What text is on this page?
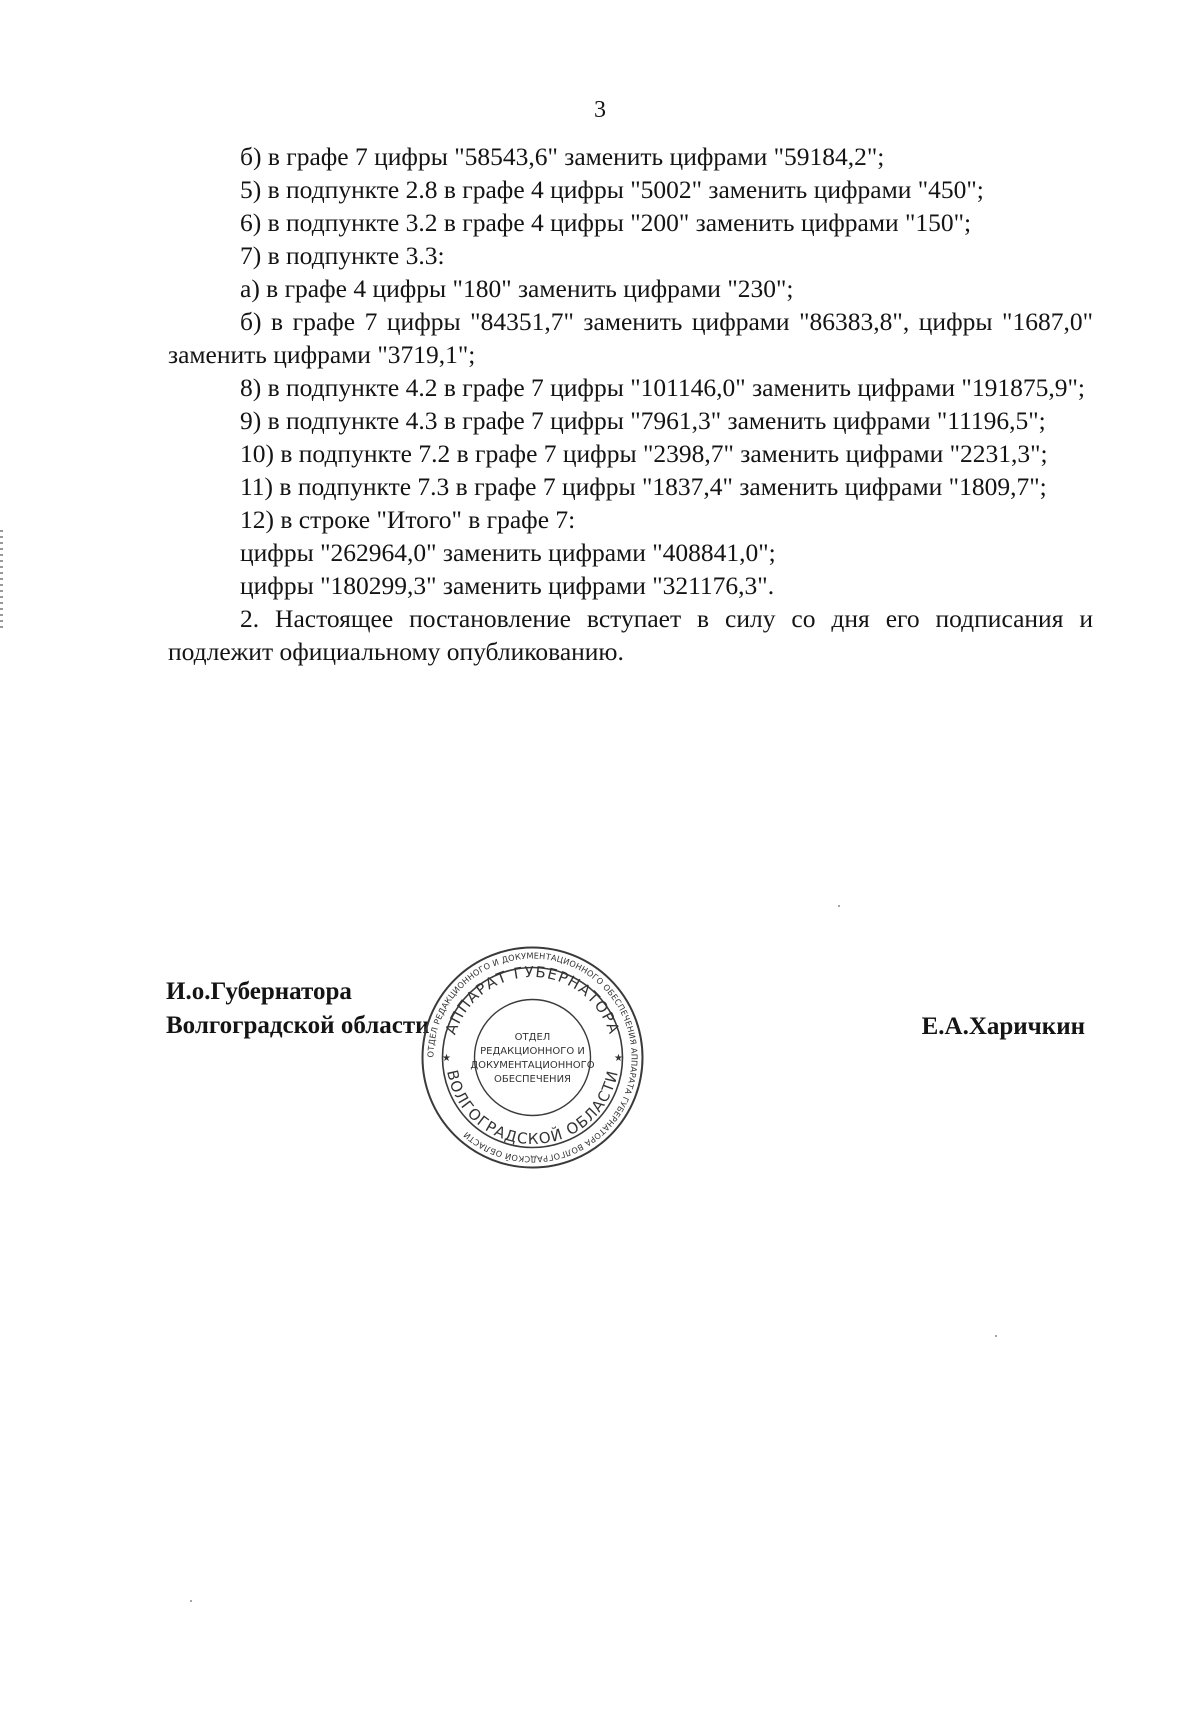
3

б) в графе 7 цифры "58543,6" заменить цифрами "59184,2";

5) в подпункте 2.8 в графе 4 цифры "5002" заменить цифрами "450";

6) в подпункте 3.2 в графе 4 цифры "200" заменить цифрами "150";

7) в подпункте 3.3:

а) в графе 4 цифры "180" заменить цифрами "230";

б) в графе 7 цифры "84351,7" заменить цифрами "86383,8", цифры "1687,0" заменить цифрами "3719,1";

8) в подпункте 4.2 в графе 7 цифры "101146,0" заменить цифрами "191875,9";

9) в подпункте 4.3 в графе 7 цифры "7961,3" заменить цифрами "11196,5";

10) в подпункте 7.2 в графе 7 цифры "2398,7" заменить цифрами "2231,3";

11) в подпункте 7.3 в графе 7 цифры "1837,4" заменить цифрами "1809,7";

12) в строке "Итого" в графе 7:

цифры "262964,0" заменить цифрами "408841,0";

цифры "180299,3" заменить цифрами "321176,3".

2. Настоящее постановление вступает в силу со дня его подписания и подлежит официальному опубликованию.

И.о.Губернатора
Волгоградской области	Е.А.Харичкин
ОТДЕЛ РЕДАКЦИОННОГО И ДОКУМЕНТАЦИОННОГО ОБЕСПЕЧЕНИЯ АППАРАТА ГУБЕРНАТОРА ВОЛГОГРАДСКОЙ ОБЛАСТИ
АППАРАТ ГУБЕРНАТОРА
ВОЛГОГРАДСКОЙ ОБЛАСТИ
★	★
ОТДЕЛ
РЕДАКЦИОННОГО И
ДОКУМЕНТАЦИОННОГО
ОБЕСПЕЧЕНИЯ
